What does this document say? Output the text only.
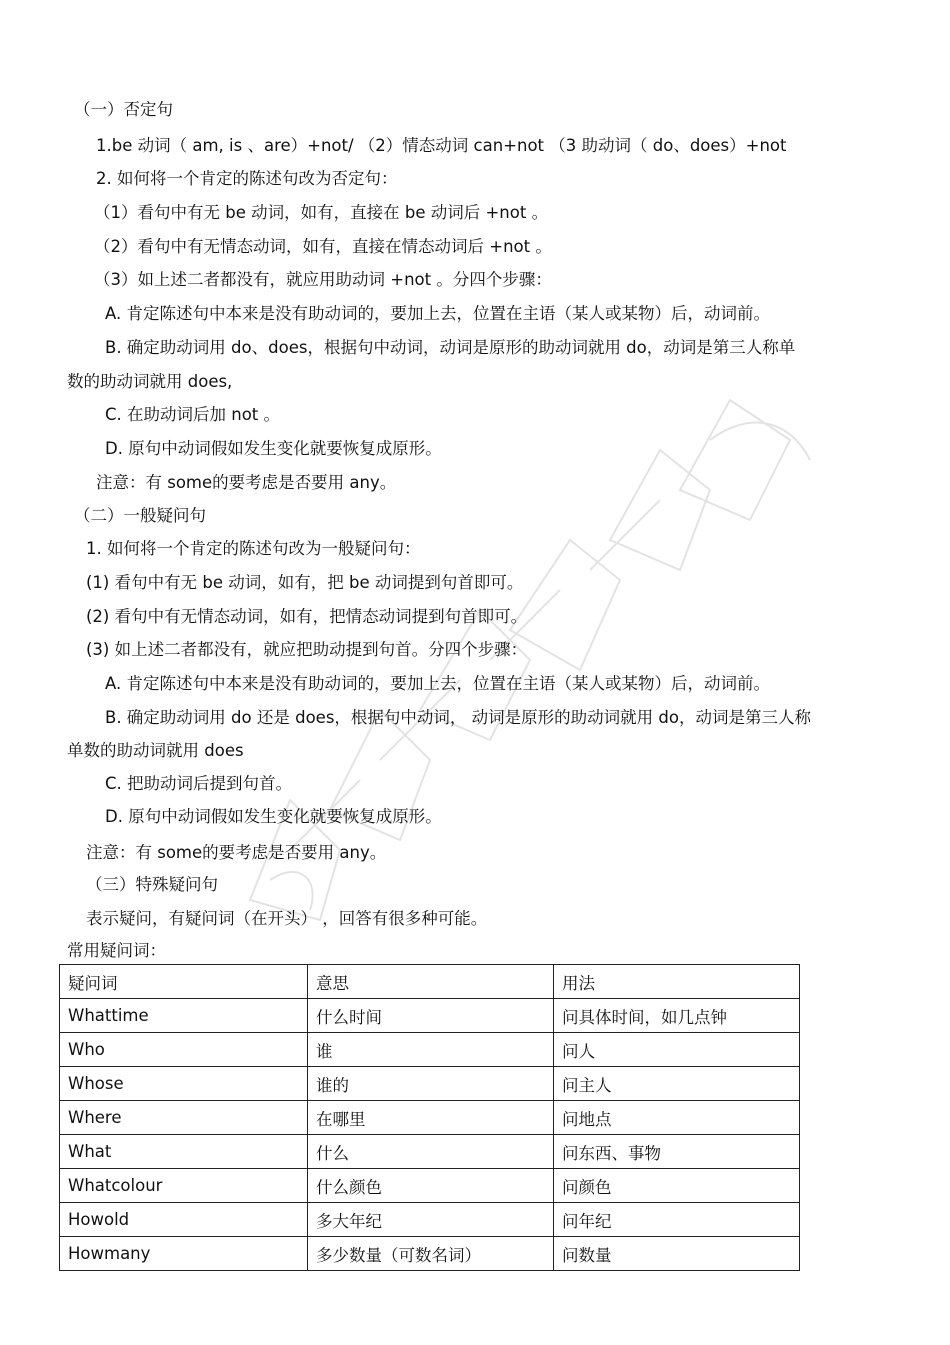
（一）否定句
1.be 动词（ am, is 、are）+not/ （2）情态动词 can+not （3 助动词（ do、does）+not
2. 如何将一个肯定的陈述句改为否定句：
（1）看句中有无 be 动词，如有，直接在 be 动词后 +not 。
（2）看句中有无情态动词，如有，直接在情态动词后 +not 。
（3）如上述二者都没有，就应用助动词 +not 。分四个步骤：
A. 肯定陈述句中本来是没有助动词的，要加上去，位置在主语（某人或某物）后，动词前。
B. 确定助动词用 do、does，根据句中动词，动词是原形的助动词就用 do，动词是第三人称单
数的助动词就用 does,
C. 在助动词后加 not 。
D. 原句中动词假如发生变化就要恢复成原形。
注意：有 some的要考虑是否要用 any。
（二）一般疑问句
1. 如何将一个肯定的陈述句改为一般疑问句：
(1) 看句中有无 be 动词，如有，把 be 动词提到句首即可。
(2) 看句中有无情态动词，如有，把情态动词提到句首即可。
(3) 如上述二者都没有，就应把助动提到句首。分四个步骤：
A. 肯定陈述句中本来是没有助动词的，要加上去，位置在主语（某人或某物）后，动词前。
B. 确定助动词用 do 还是 does，根据句中动词， 动词是原形的助动词就用 do，动词是第三人称
单数的助动词就用 does
C. 把助动词后提到句首。
D. 原句中动词假如发生变化就要恢复成原形。
注意：有 some的要考虑是否要用 any。
（三）特殊疑问句
表示疑问，有疑问词（在开头） ，回答有很多种可能。
常用疑问词：
疑问词	意思	用法
Whattime	什么时间	问具体时间，如几点钟
Who	谁	问人
Whose	谁的	问主人
Where	在哪里	问地点
What	什么	问东西、事物
Whatcolour	什么颜色	问颜色
Howold	多大年纪	问年纪
Howmany	多少数量（可数名词）	问数量
